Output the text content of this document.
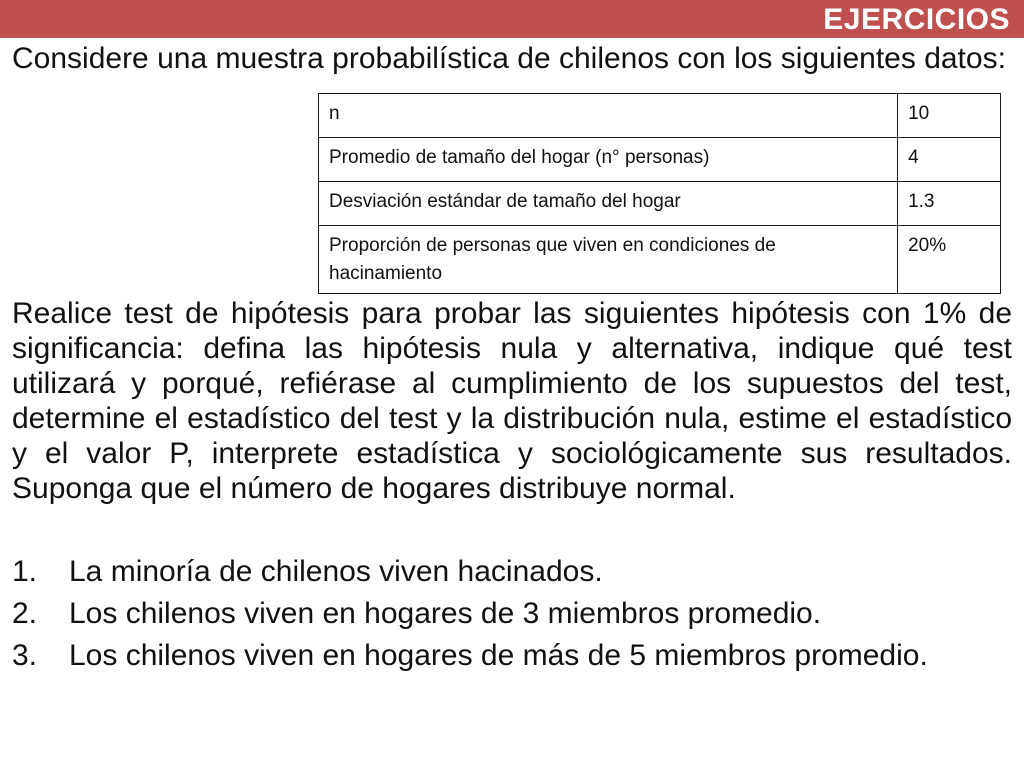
EJERCICIOS

Considere una muestra probabilística de chilenos con los siguientes datos:

n	10
Promedio de tamaño del hogar (n° personas)	4
Desviación estándar de tamaño del hogar	1.3
Proporción de personas que viven en condiciones de hacinamiento	20%

Realice test de hipótesis para probar las siguientes hipótesis con 1% de significancia: defina las hipótesis nula y alternativa, indique qué test utilizará y porqué, refiérase al cumplimiento de los supuestos del test, determine el estadístico del test y la distribución nula, estime el estadístico y el valor P, interprete estadística y sociológicamente sus resultados. Suponga que el número de hogares distribuye normal.

1. La minoría de chilenos viven hacinados.
2. Los chilenos viven en hogares de 3 miembros promedio.
3. Los chilenos viven en hogares de más de 5 miembros promedio.
